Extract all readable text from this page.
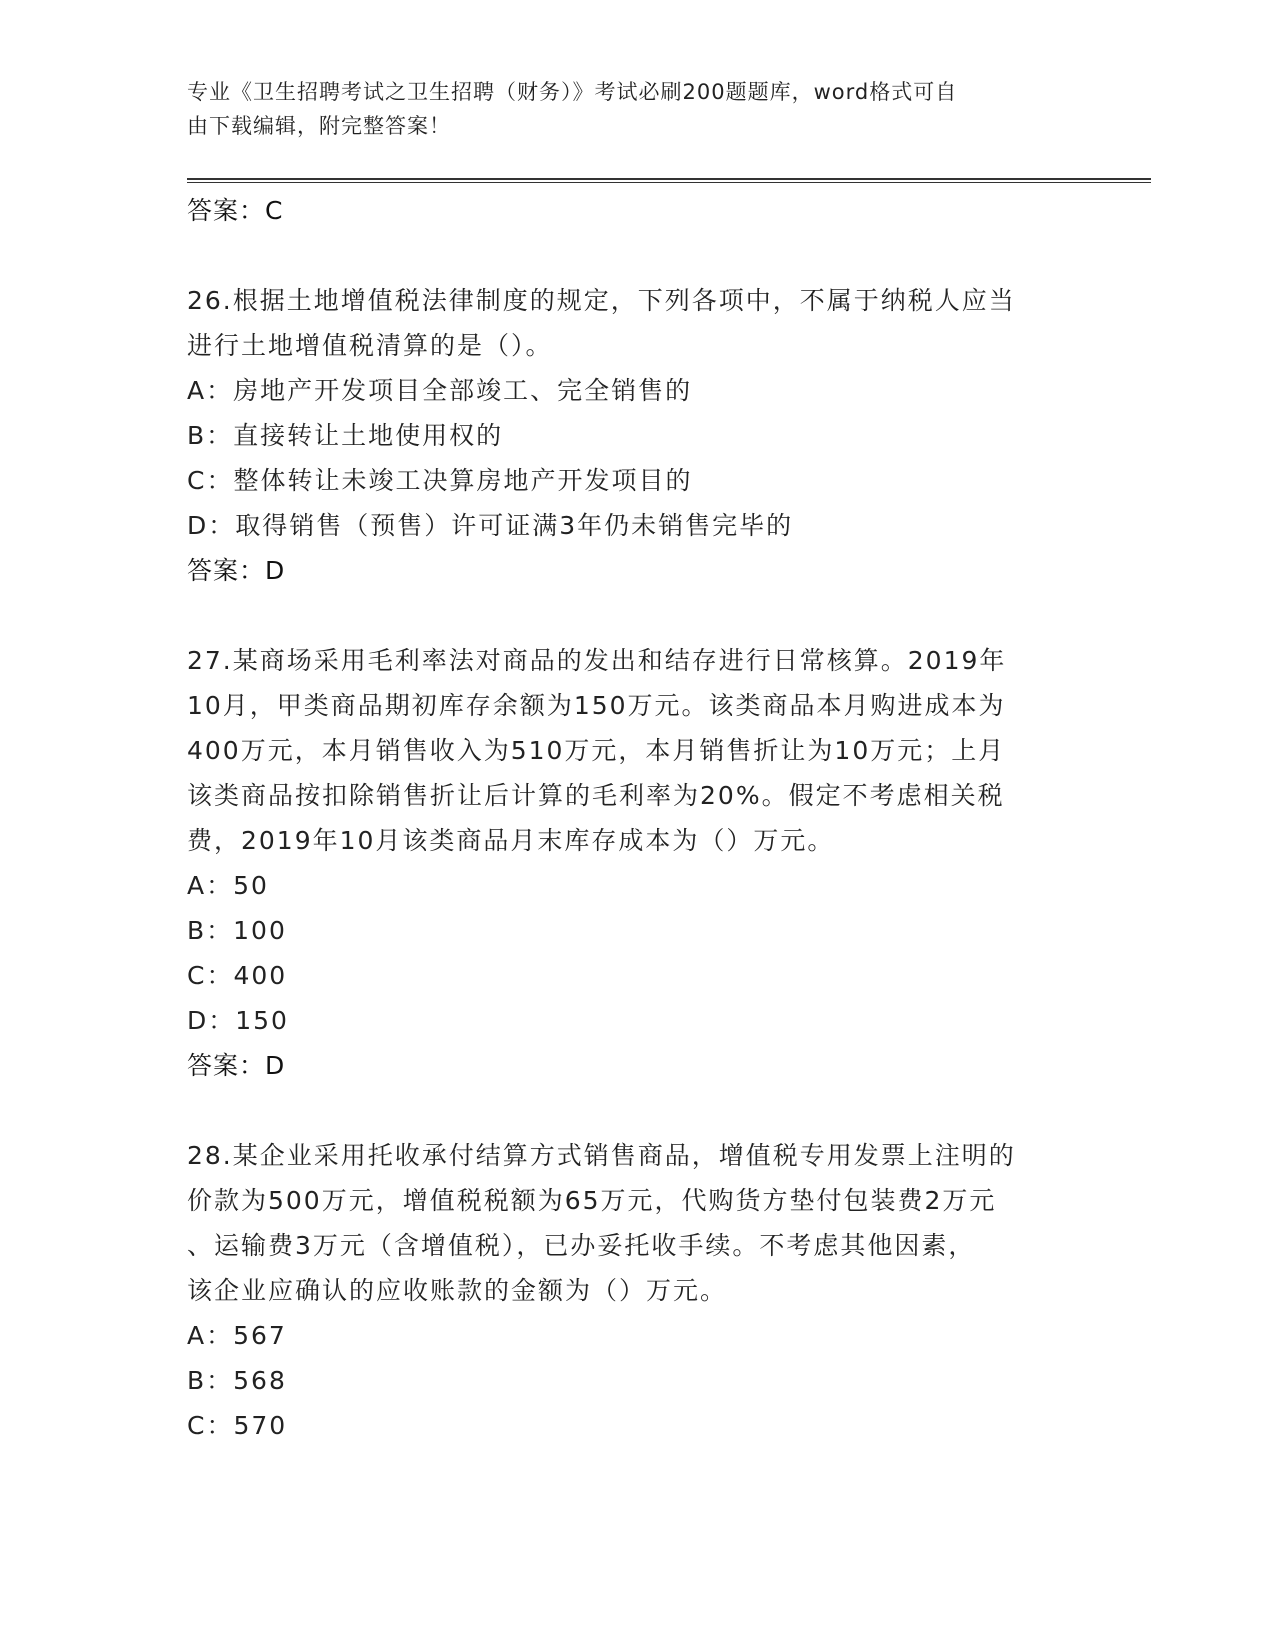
专业《卫生招聘考试之卫生招聘（财务）》考试必刷200题题库，word格式可自
由下载编辑，附完整答案！
答案：C
26.根据土地增值税法律制度的规定，下列各项中，不属于纳税人应当
进行土地增值税清算的是（）。
A：房地产开发项目全部竣工、完全销售的
B：直接转让土地使用权的
C：整体转让未竣工决算房地产开发项目的
D：取得销售（预售）许可证满3年仍未销售完毕的
答案：D
27.某商场采用毛利率法对商品的发出和结存进行日常核算。2019年
10月，甲类商品期初库存余额为150万元。该类商品本月购进成本为
400万元，本月销售收入为510万元，本月销售折让为10万元；上月
该类商品按扣除销售折让后计算的毛利率为20%。假定不考虑相关税
费，2019年10月该类商品月末库存成本为（）万元。
A：50
B：100
C：400
D：150
答案：D
28.某企业采用托收承付结算方式销售商品，增值税专用发票上注明的
价款为500万元，增值税税额为65万元，代购货方垫付包装费2万元
、运输费3万元（含增值税），已办妥托收手续。不考虑其他因素，
该企业应确认的应收账款的金额为（）万元。
A：567
B：568
C：570
